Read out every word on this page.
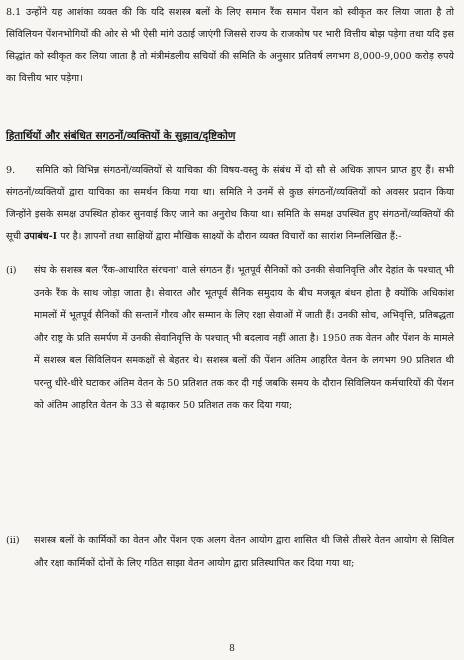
8.1 उन्होंने यह आशंका व्यक्त की कि यदि सशस्त्र बलों के लिए समान रैंक समान पेंशन को स्वीकृत कर लिया जाता है तो सिविलियन पेंशनभोगियों की ओर से भी ऐसी मांगे उठाई जाएंगी जिससे राज्य के राजकोष पर भारी वित्तीय बोझ पड़ेगा तथा यदि इस सिद्धांत को स्वीकृत कर लिया जाता है तो मंत्रीमंडलीय सचियों की समिति के अनुसार प्रतिवर्ष लगभग 8,000-9,000 करोड़ रुपये का वित्तीय भार पड़ेगा।

हितार्थियों और संबंधित सगठनों/व्यक्तियों के सुझाव/दृष्टिकोण

9. समिति को विभिन्न संगठनों/व्यक्तियों से याचिका की विषय-वस्तु के संबंध में दो सौ से अधिक ज्ञापन प्राप्त हुए हैं। सभी संगठनों/व्यक्तियों द्वारा याचिका का समर्थन किया गया था। समिति ने उनमें से कुछ संगठनों/व्यक्तियों को अवसर प्रदान किया जिन्होंने इसके समक्ष उपस्थित होकर सुनवाई किए जाने का अनुरोध किया था। समिति के समक्ष उपस्थित हुए संगठनों/व्यक्तियों की सूची उपाबंध-I पर है। ज्ञापनों तथा साक्षियों द्वारा मौखिक साक्ष्यों के दौरान व्यक्त विचारों का सारांश निम्नलिखित हैं:-

(i)	संघ के सशस्त्र बल 'रैंक-आधारित संरचना' वाले संगठन हैं। भूतपूर्व सैनिकों को उनकी सेवानिवृत्ति और देहांत के पश्चात् भी उनके रैंक के साथ जोड़ा जाता है। सेवारत और भूतपूर्व सैनिक समुदाय के बीच मजबूत बंधन होता है क्योंकि अधिकांश मामलों में भूतपूर्व सैनिकों की सन्तानें गौरव और सम्मान के लिए रक्षा सेवाओं में जाती हैं। उनकी सोच, अभिवृत्ति, प्रतिबद्धता और राष्ट्र के प्रति समर्पण में उनकी सेवानिवृत्ति के पश्चात् भी बदलाव नहीं आता है। 1950 तक वेतन और पेंशन के मामले में सशस्त्र बल सिविलियन समकक्षों से बेहतर थे। सशस्त्र बलों की पेंशन अंतिम आहरित वेतन के लगभग 90 प्रतिशत थी परन्तु धीरे-धीरे घटाकर अंतिम वेतन के 50 प्रतिशत तक कर दी गई जबकि समय के दौरान सिविलियन कर्मचारियों की पेंशन को अंतिम आहरित वेतन के 33 से बढ़ाकर 50 प्रतिशत तक कर दिया गया;
(ii)	सशस्त्र बलों के कार्मिकों का वेतन और पेंशन एक अलग वेतन आयोग द्वारा शासित थी जिसे तीसरे वेतन आयोग से सिविल और रक्षा कार्मिकों दोनों के लिए गठित साझा वेतन आयोग द्वारा प्रतिस्थापित कर दिया गया था;
8
